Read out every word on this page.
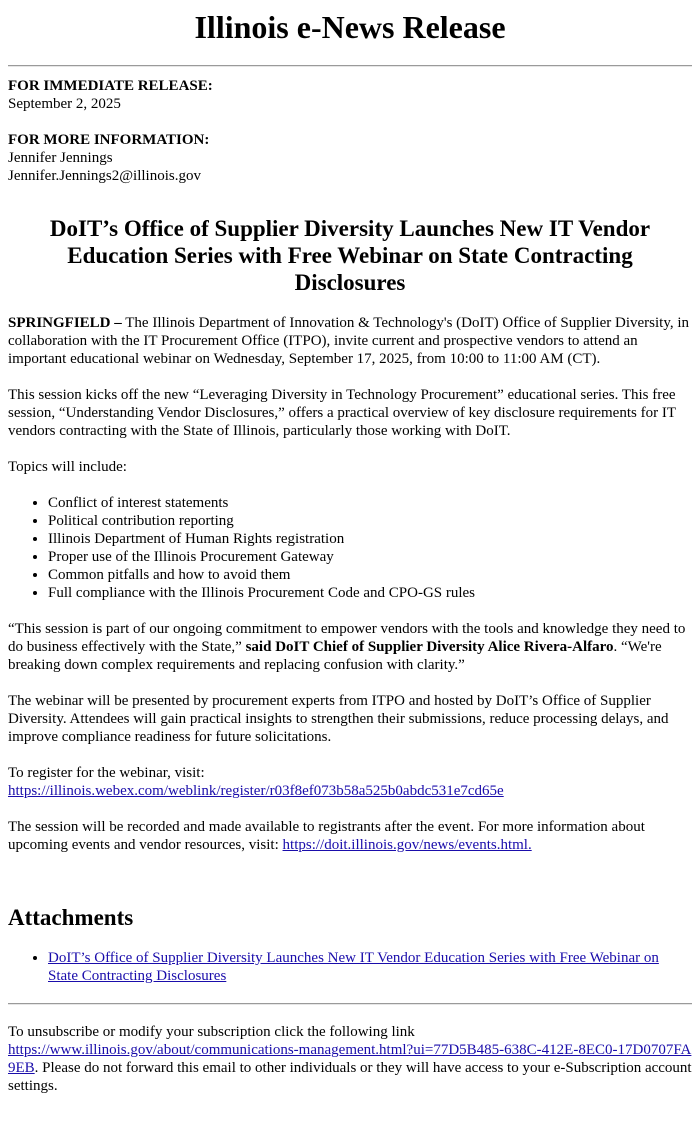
Illinois e-News Release
FOR IMMEDIATE RELEASE:
September 2, 2025
FOR MORE INFORMATION:
Jennifer Jennings
Jennifer.Jennings2@illinois.gov
DoIT’s Office of Supplier Diversity Launches New IT Vendor Education Series with Free Webinar on State Contracting Disclosures

SPRINGFIELD – The Illinois Department of Innovation & Technology's (DoIT) Office of Supplier Diversity, in collaboration with the IT Procurement Office (ITPO), invite current and prospective vendors to attend an important educational webinar on Wednesday, September 17, 2025, from 10:00 to 11:00 AM (CT).

This session kicks off the new “Leveraging Diversity in Technology Procurement” educational series. This free session, “Understanding Vendor Disclosures,” offers a practical overview of key disclosure requirements for IT vendors contracting with the State of Illinois, particularly those working with DoIT.

Topics will include:

• Conflict of interest statements
• Political contribution reporting
• Illinois Department of Human Rights registration
• Proper use of the Illinois Procurement Gateway
• Common pitfalls and how to avoid them
• Full compliance with the Illinois Procurement Code and CPO-GS rules

“This session is part of our ongoing commitment to empower vendors with the tools and knowledge they need to do business effectively with the State,” said DoIT Chief of Supplier Diversity Alice Rivera-Alfaro. “We're breaking down complex requirements and replacing confusion with clarity.”

The webinar will be presented by procurement experts from ITPO and hosted by DoIT’s Office of Supplier Diversity. Attendees will gain practical insights to strengthen their submissions, reduce processing delays, and improve compliance readiness for future solicitations.

To register for the webinar, visit:
https://illinois.webex.com/weblink/register/r03f8ef073b58a525b0abdc531e7cd65e

The session will be recorded and made available to registrants after the event. For more information about upcoming events and vendor resources, visit: https://doit.illinois.gov/news/events.html.

Attachments
• DoIT’s Office of Supplier Diversity Launches New IT Vendor Education Series with Free Webinar on State Contracting Disclosures

To unsubscribe or modify your subscription click the following link
https://www.illinois.gov/about/communications-management.html?ui=77D5B485-638C-412E-8EC0-17D0707FA9EB. Please do not forward this email to other individuals or they will have access to your e-Subscription account settings.
